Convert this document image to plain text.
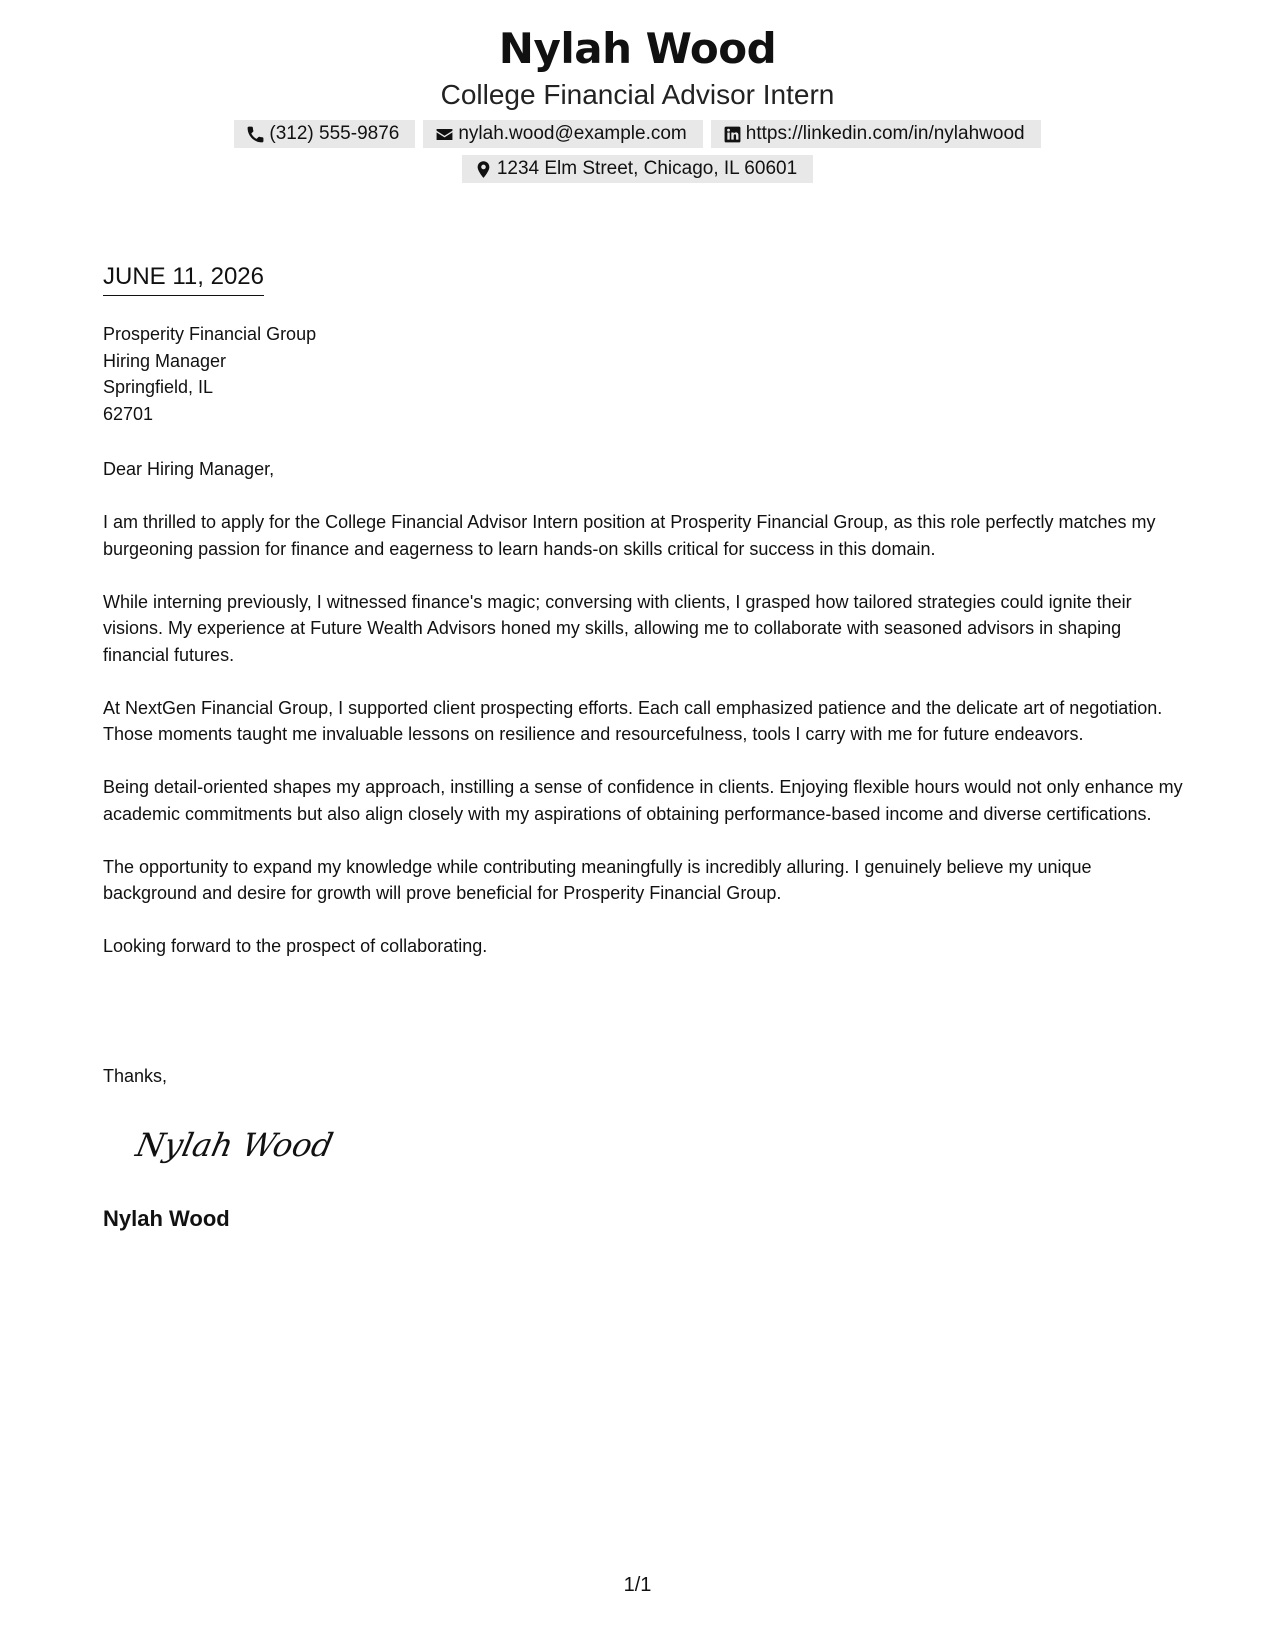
Nylah Wood
College Financial Advisor Intern
(312) 555-9876	nylah.wood@example.com	https://linkedin.com/in/nylahwood
1234 Elm Street, Chicago, IL 60601
JUNE 11, 2026
Prosperity Financial Group
Hiring Manager
Springfield, IL
62701

Dear Hiring Manager,

I am thrilled to apply for the College Financial Advisor Intern position at Prosperity Financial Group, as this role perfectly matches my burgeoning passion for finance and eagerness to learn hands-on skills critical for success in this domain.

While interning previously, I witnessed finance's magic; conversing with clients, I grasped how tailored strategies could ignite their visions. My experience at Future Wealth Advisors honed my skills, allowing me to collaborate with seasoned advisors in shaping financial futures.

At NextGen Financial Group, I supported client prospecting efforts. Each call emphasized patience and the delicate art of negotiation. Those moments taught me invaluable lessons on resilience and resourcefulness, tools I carry with me for future endeavors.

Being detail-oriented shapes my approach, instilling a sense of confidence in clients. Enjoying flexible hours would not only enhance my academic commitments but also align closely with my aspirations of obtaining performance-based income and diverse certifications.

The opportunity to expand my knowledge while contributing meaningfully is incredibly alluring. I genuinely believe my unique background and desire for growth will prove beneficial for Prosperity Financial Group.

Looking forward to the prospect of collaborating.

Thanks,
Nylah Wood
Nylah Wood
1/1
